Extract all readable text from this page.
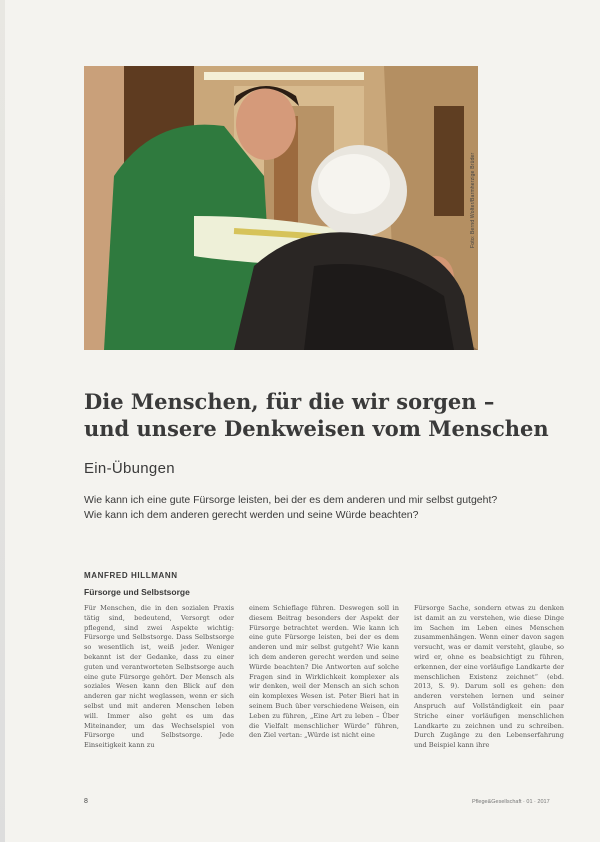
Foto: Bernd Wolter/Barmherzige Brüder
Die Menschen, für die wir sorgen –
und unsere Denkweisen vom Menschen
Ein-Übungen
Wie kann ich eine gute Fürsorge leisten, bei der es dem anderen und mir selbst gutgeht? Wie kann ich dem anderen gerecht werden und seine Würde beachten?
MANFRED HILLMANN
Fürsorge und Selbstsorge
Für Menschen, die in den sozialen Praxis tätig sind, bedeutend, Versorgt oder pflegend, sind zwei Aspekte wichtig: Fürsorge und Selbstsorge. Dass Selbstsorge so wesentlich ist, weiß jeder. Weniger bekannt ist der Gedanke, dass zu einer guten und verantworteten Selbstsorge auch eine gute Fürsorge gehört. Der Mensch als soziales Wesen kann den Blick auf den anderen gar nicht weglassen, wenn er sich selbst und mit anderen Menschen leben will. Immer also geht es um das Miteinander, um das Wechselspiel von Fürsorge und Selbstsorge. Jede Einseitigkeit kann zu
einem Schieflage führen. Deswegen soll in diesem Beitrag besonders der Aspekt der Fürsorge betrachtet werden. Wie kann ich eine gute Fürsorge leisten, bei der es dem anderen und mir selbst gutgeht? Wie kann ich dem anderen gerecht werden und seine Würde beachten? Die Antworten auf solche Fragen sind in Wirklichkeit komplexer als wir denken, weil der Mensch an sich schon ein komplexes Wesen ist. Peter Bieri hat in seinem Buch über verschiedene Weisen, ein Leben zu führen, „Eine Art zu leben – Über die Vielfalt menschlicher Würde“ führen, den Ziel vertan: „Würde ist nicht eine
Fürsorge Sache, sondern etwas zu denken ist damit an zu verstehen, wie diese Dinge im Sachen im Leben eines Menschen zusammenhängen. Wenn einer davon sagen versucht, was er damit versteht, glaube, so wird er, ohne es beabsichtigt zu führen, erkennen, der eine vorläufige Landkarte der menschlichen Existenz zeichnet“ (ebd. 2013, S. 9). Darum soll es gehen: den anderen verstehen lernen und seiner Anspruch auf Vollständigkeit ein paar Striche einer vorläufigen menschlichen Landkarte zu zeichnen und zu schreiben. Durch Zugänge zu den Lebenserfahrung und Beispiel kann ihre
8	Pflege&Gesellschaft · 01 · 2017
